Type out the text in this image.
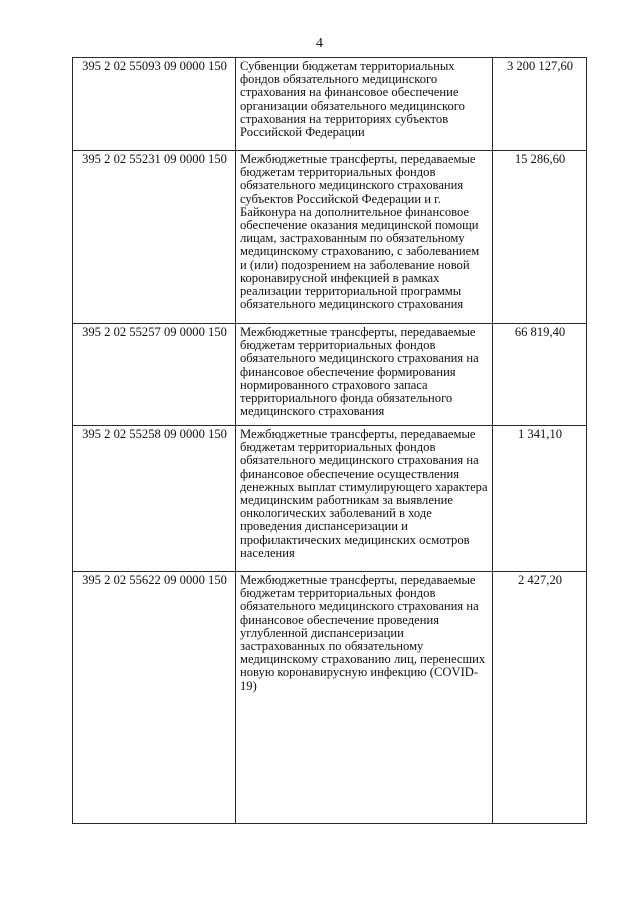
4
395 2 02 55093 09 0000 150	Субвенции бюджетам территориальных фондов обязательного медицинского страхования на финансовое обеспечение организации обязательного медицинского страхования на территориях субъектов Российской Федерации	3 200 127,60
395 2 02 55231 09 0000 150	Межбюджетные трансферты, передаваемые бюджетам территориальных фондов обязательного медицинского страхования субъектов Российской Федерации и г. Байконура на дополнительное финансовое обеспечение оказания медицинской помощи лицам, застрахованным по обязательному медицинскому страхованию, с заболеванием и (или) подозрением на заболевание новой коронавирусной инфекцией в рамках реализации территориальной программы обязательного медицинского страхования	15 286,60
395 2 02 55257 09 0000 150	Межбюджетные трансферты, передаваемые бюджетам территориальных фондов обязательного медицинского страхования на финансовое обеспечение формирования нормированного страхового запаса территориального фонда обязательного медицинского страхования	66 819,40
395 2 02 55258 09 0000 150	Межбюджетные трансферты, передаваемые бюджетам территориальных фондов обязательного медицинского страхования на финансовое обеспечение осуществления денежных выплат стимулирующего характера медицинским работникам за выявление онкологических заболеваний в ходе проведения диспансеризации и профилактических медицинских осмотров населения	1 341,10
395 2 02 55622 09 0000 150	Межбюджетные трансферты, передаваемые бюджетам территориальных фондов обязательного медицинского страхования на финансовое обеспечение проведения углубленной диспансеризации застрахованных по обязательному медицинскому страхованию лиц, перенесших новую коронавирусную инфекцию (COVID-19)	2 427,20
